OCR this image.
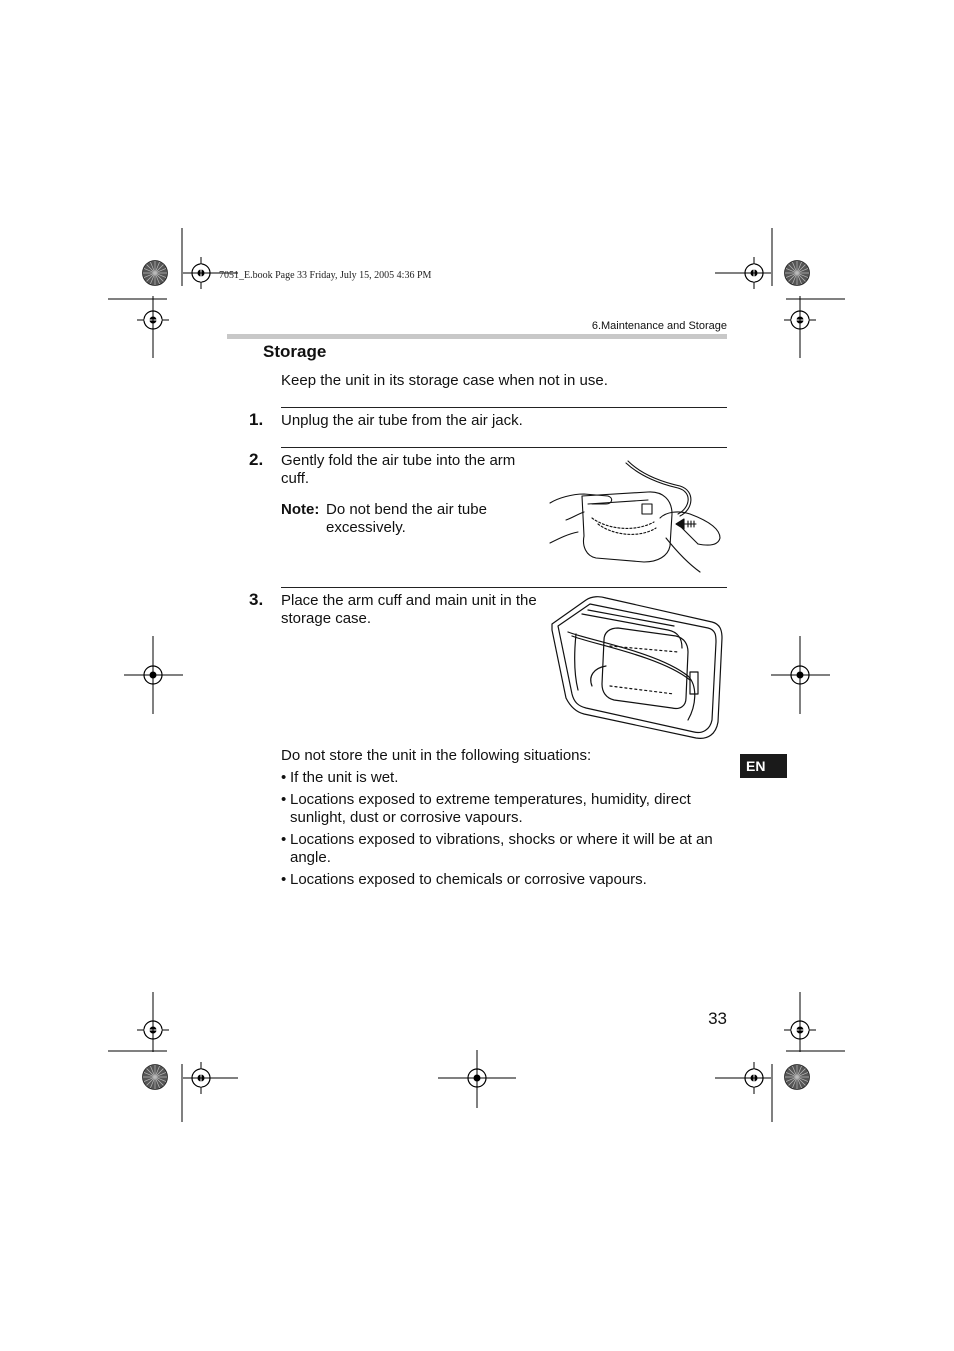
7051_E.book Page 33 Friday, July 15, 2005 4:36 PM
6.Maintenance and Storage
Storage
Keep the unit in its storage case when not in use.
1. Unplug the air tube from the air jack.
2. Gently fold the air tube into the arm cuff.
Note: Do not bend the air tube excessively.
3. Place the arm cuff and main unit in the storage case.
Do not store the unit in the following situations:
• If the unit is wet.
• Locations exposed to extreme temperatures, humidity, direct sunlight, dust or corrosive vapours.
• Locations exposed to vibrations, shocks or where it will be at an angle.
• Locations exposed to chemicals or corrosive vapours.
EN
33
